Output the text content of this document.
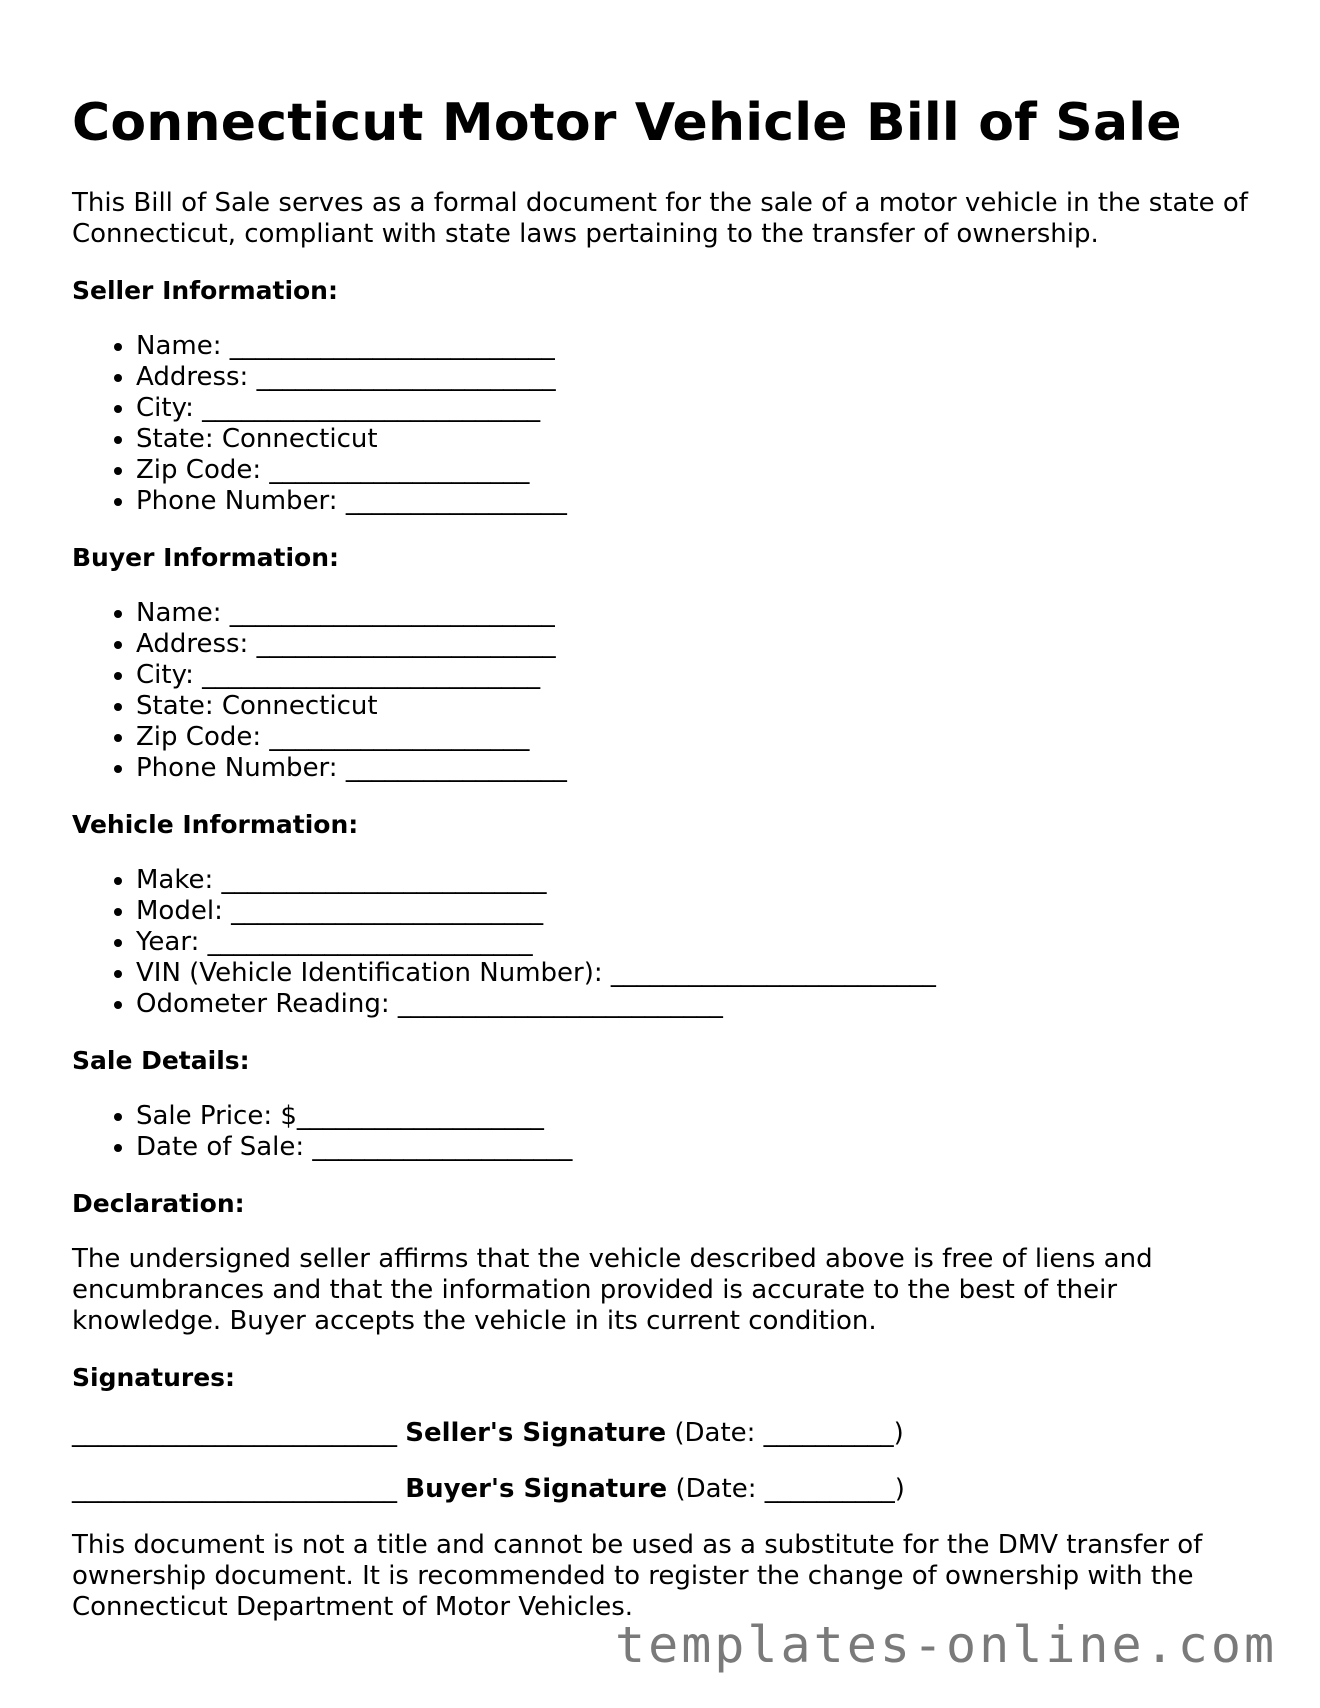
Connecticut Motor Vehicle Bill of Sale

This Bill of Sale serves as a formal document for the sale of a motor vehicle in the state of Connecticut, compliant with state laws pertaining to the transfer of ownership.

Seller Information:
• Name: _________________________
• Address: _______________________
• City: __________________________
• State: Connecticut
• Zip Code: ____________________
• Phone Number: _________________
Buyer Information:
• Name: _________________________
• Address: _______________________
• City: __________________________
• State: Connecticut
• Zip Code: ____________________
• Phone Number: _________________
Vehicle Information:
• Make: _________________________
• Model: ________________________
• Year: _________________________
• VIN (Vehicle Identification Number): _________________________
• Odometer Reading: _________________________
Sale Details:
• Sale Price: $___________________
• Date of Sale: ____________________
Declaration:

The undersigned seller affirms that the vehicle described above is free of liens and encumbrances and that the information provided is accurate to the best of their knowledge. Buyer accepts the vehicle in its current condition.

Signatures:
_________________________ Seller's Signature (Date: __________)
_________________________ Buyer's Signature (Date: __________)

This document is not a title and cannot be used as a substitute for the DMV transfer of ownership document. It is recommended to register the change of ownership with the Connecticut Department of Motor Vehicles.

templates-online.com
